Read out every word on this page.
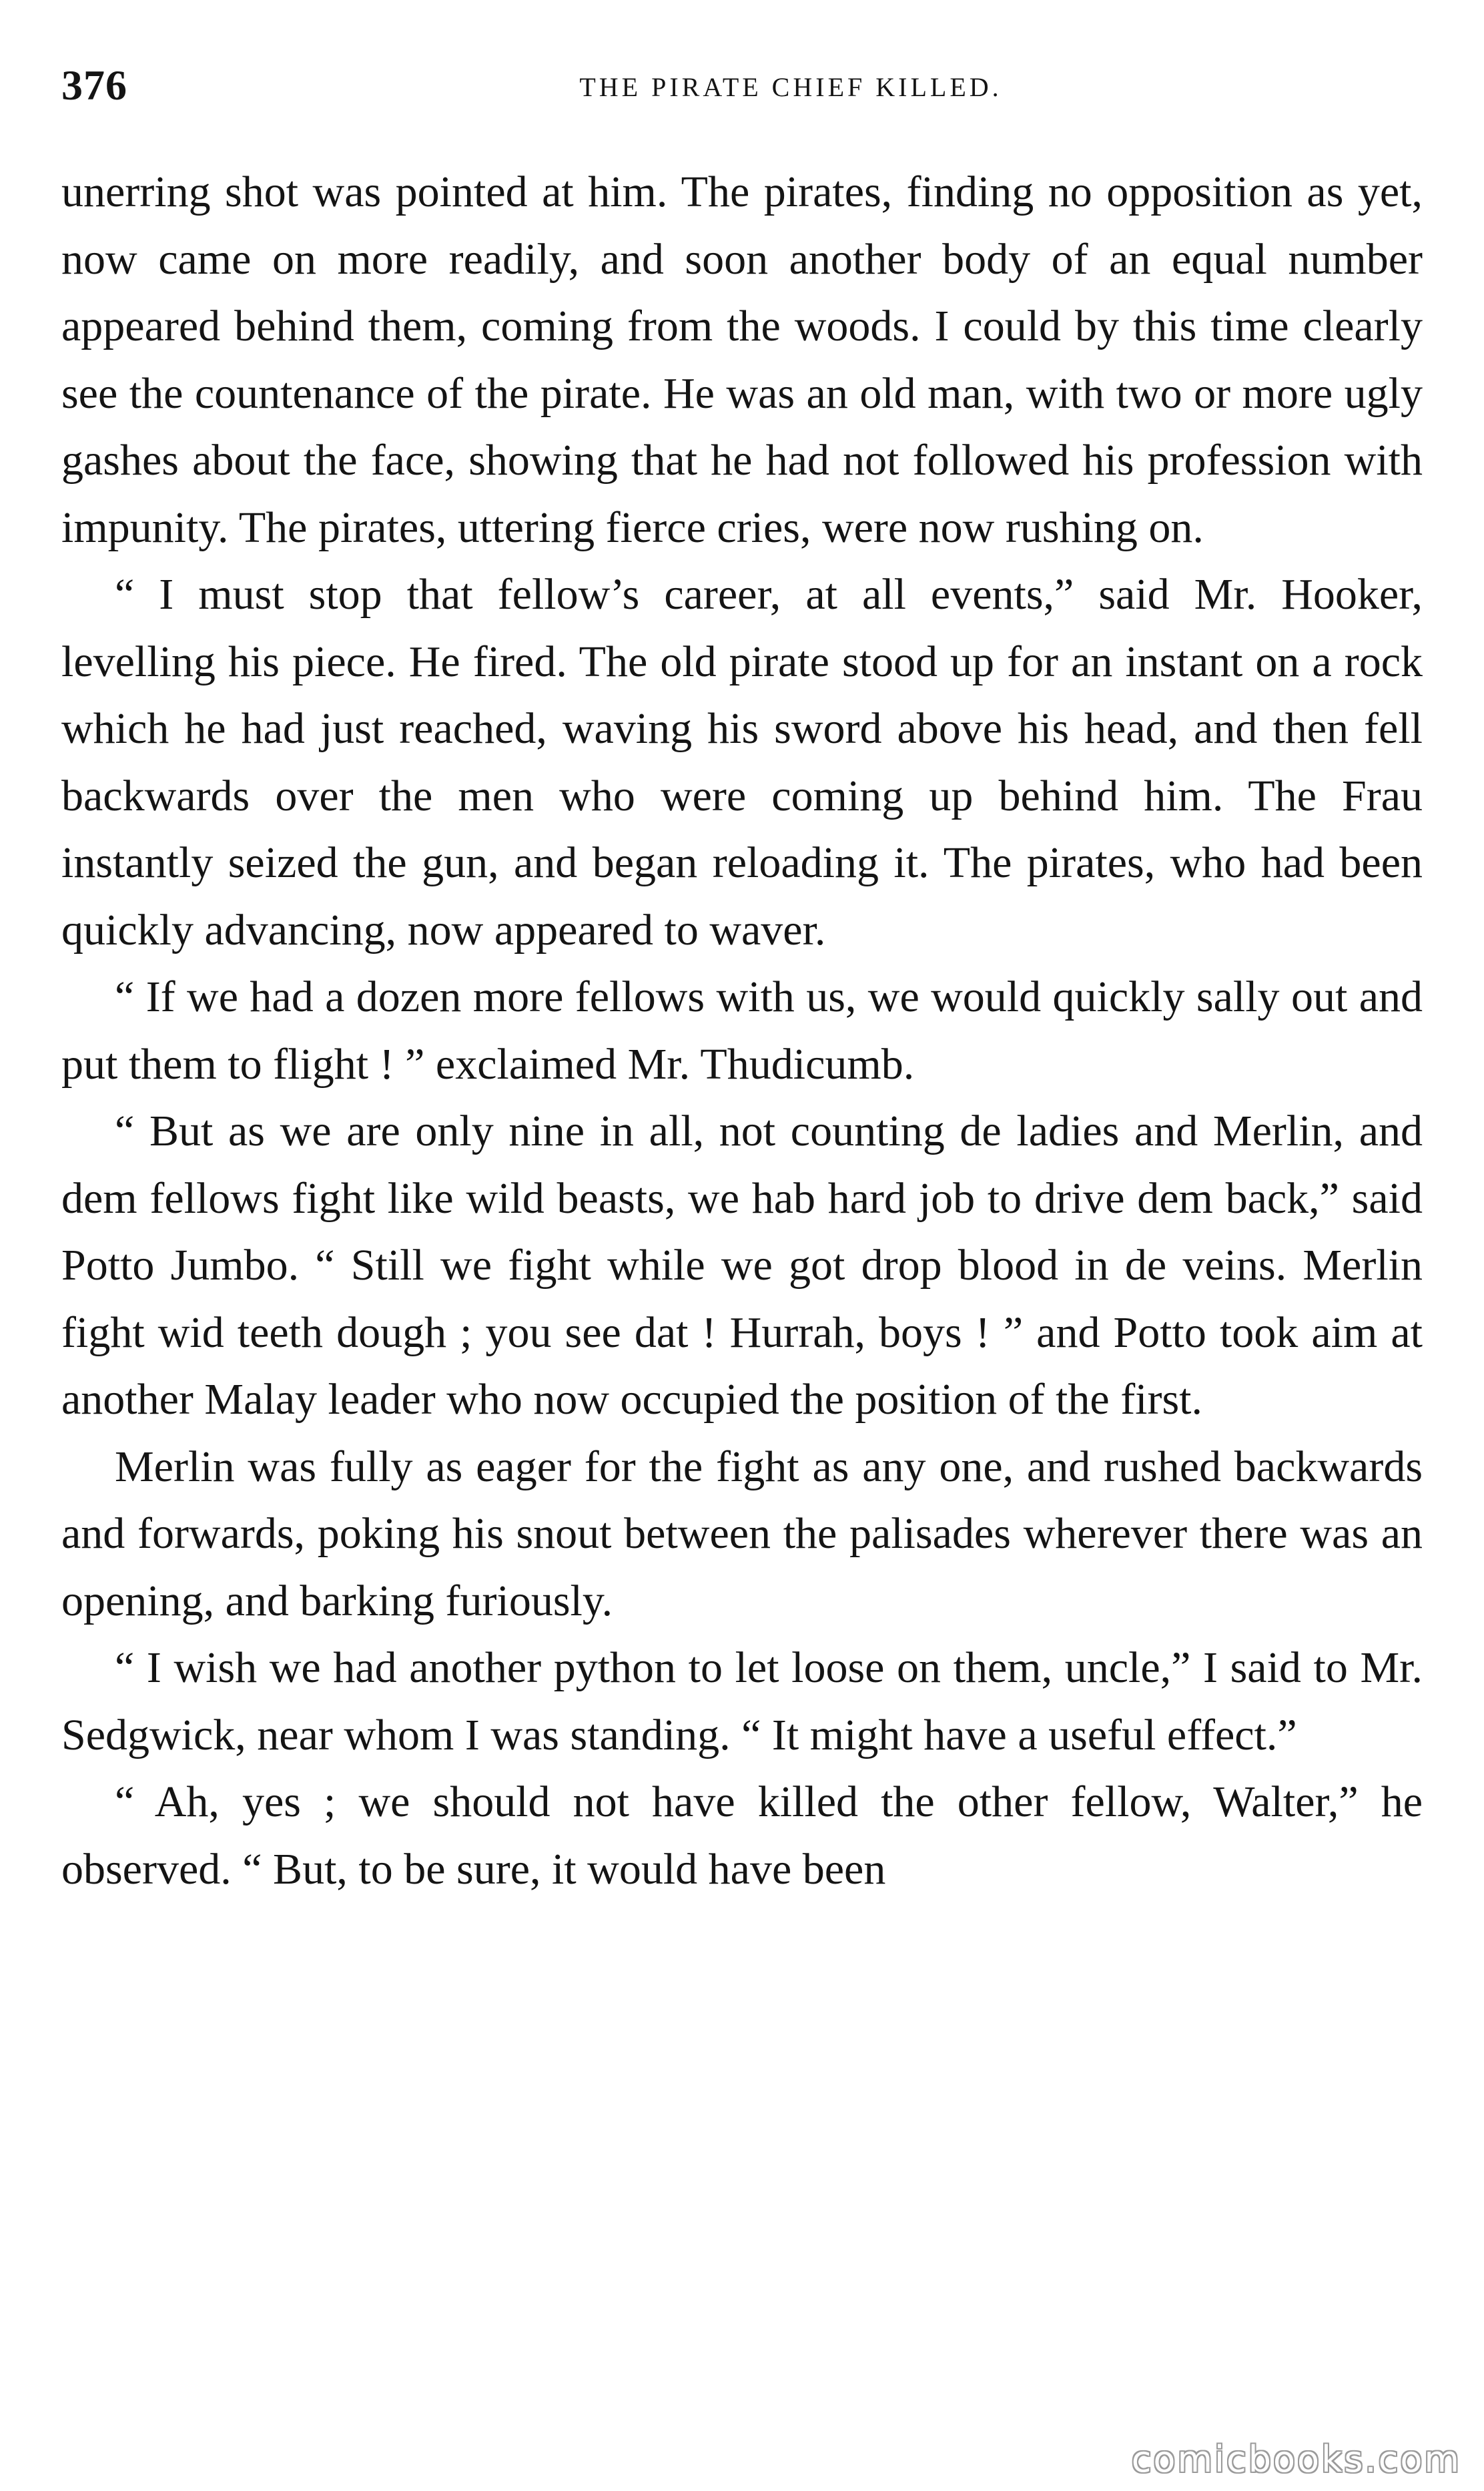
376	THE PIRATE CHIEF KILLED.

unerring shot was pointed at him. The pirates, finding no opposition as yet, now came on more readily, and soon another body of an equal number appeared behind them, coming from the woods. I could by this time clearly see the countenance of the pirate. He was an old man, with two or more ugly gashes about the face, showing that he had not followed his profession with impunity. The pirates, uttering fierce cries, were now rushing on.

“ I must stop that fellow’s career, at all events,” said Mr. Hooker, levelling his piece. He fired. The old pirate stood up for an instant on a rock which he had just reached, waving his sword above his head, and then fell backwards over the men who were coming up behind him. The Frau instantly seized the gun, and began reloading it. The pirates, who had been quickly advancing, now appeared to waver.

“ If we had a dozen more fellows with us, we would quickly sally out and put them to flight ! ” exclaimed Mr. Thudicumb.

“ But as we are only nine in all, not counting de ladies and Merlin, and dem fellows fight like wild beasts, we hab hard job to drive dem back,” said Potto Jumbo. “ Still we fight while we got drop blood in de veins. Merlin fight wid teeth dough ; you see dat ! Hurrah, boys ! ” and Potto took aim at another Malay leader who now occupied the position of the first.

Merlin was fully as eager for the fight as any one, and rushed backwards and forwards, poking his snout between the palisades wherever there was an opening, and barking furiously.

“ I wish we had another python to let loose on them, uncle,” I said to Mr. Sedgwick, near whom I was standing. “ It might have a useful effect.”

“ Ah, yes ; we should not have killed the other fellow, Walter,” he observed. “ But, to be sure, it would have been

comicbooks.com
